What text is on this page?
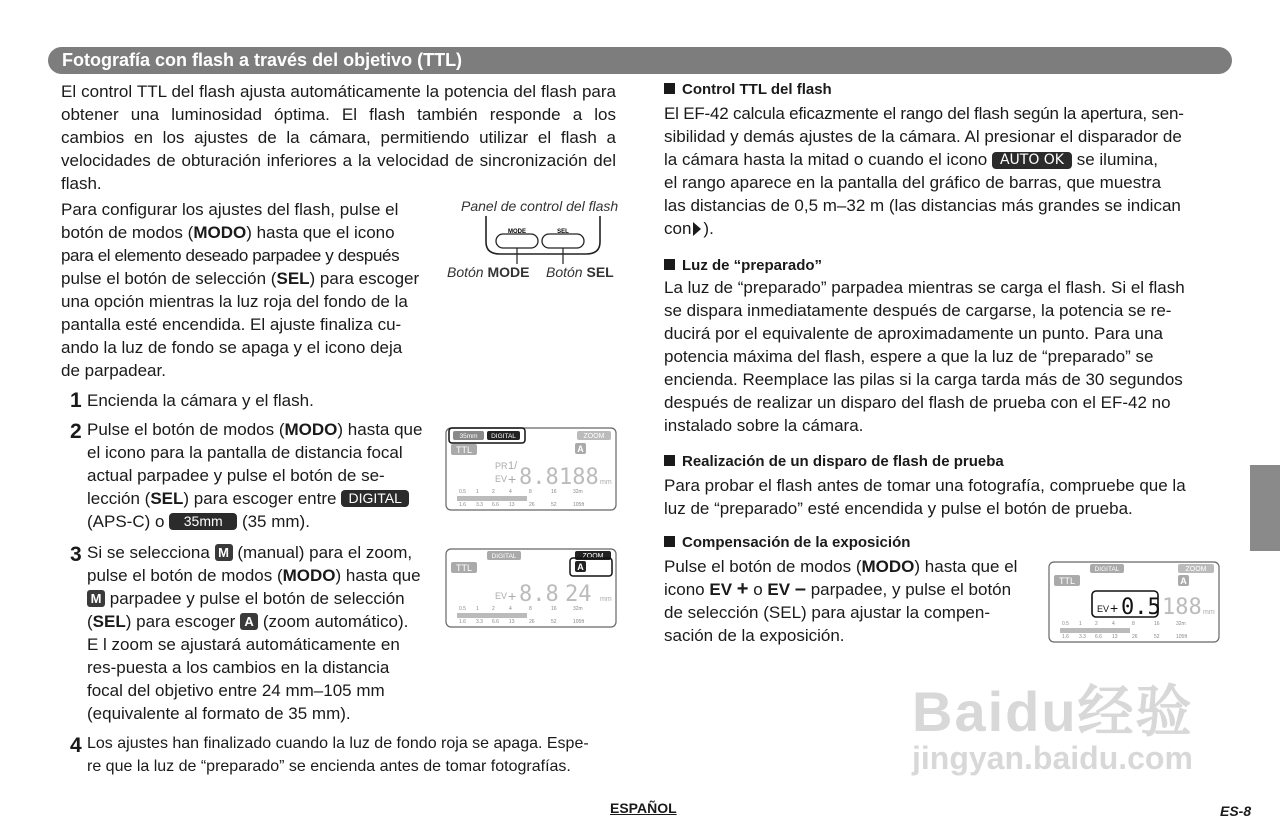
Fotografía con flash a través del objetivo (TTL)

El control TTL del flash ajusta automáticamente la potencia del flash para obtener una luminosidad óptima. El flash también responde a los cambios en los ajustes de la cámara, permitiendo utilizar el flash a velocidades de obturación inferiores a la velocidad de sincronización del flash.

Para configurar los ajustes del flash, pulse el
botón de modos (MODO) hasta que el icono
para el elemento deseado parpadee y después
pulse el botón de selección (SEL) para escoger
una opción mientras la luz roja del fondo de la
pantalla esté encendida. El ajuste finaliza cu-
ando la luz de fondo se apaga y el icono deja
de parpadear.
Panel de control del flash
MODE	SEL
Botón MODE Botón SEL
1 Encienda la cámara y el flash.
2 Pulse el botón de modos (MODO) hasta que
el icono para la pantalla de distancia focal
actual parpadee y pulse el botón de se-
lección (SEL) para escoger entre DIGITAL
(APS-C) o 35mm (35 mm).
35mm DIGITAL	ZOOM
TTL	A
PR 1/
EV + 8.8 188 mm
0.5 1	2	4	8	16	32m
1.6 3.3 6.6 13	26	52	105ft
3 Si se selecciona M (manual) para el zoom,
pulse el botón de modos (MODO) hasta que
M parpadee y pulse el botón de selección
(SEL) para escoger A (zoom automático).
E l zoom se ajustará automáticamente en
res-puesta a los cambios en la distancia
focal del objetivo entre 24 mm–105 mm
(equivalente al formato de 35 mm).
DIGITAL	ZOOM
A
TTL
EV + 8.8 24 mm
0.5 1	2	4	8	16	32m
1.6 3.3 6.6 13	26	52	105ft
4 Los ajustes han finalizado cuando la luz de fondo roja se apaga. Espe-
re que la luz de “preparado” se encienda antes de tomar fotografías.
Control TTL del flash
El EF-42 calcula eficazmente el rango del flash según la apertura, sen-
sibilidad y demás ajustes de la cámara. Al presionar el disparador de
la cámara hasta la mitad o cuando el icono AUTO OK se ilumina,
el rango aparece en la pantalla del gráfico de barras, que muestra
las distancias de 0,5 m–32 m (las distancias más grandes se indican
con ).
Luz de “preparado”
La luz de “preparado” parpadea mientras se carga el flash. Si el flash
se dispara inmediatamente después de cargarse, la potencia se re-
ducirá por el equivalente de aproximadamente un punto. Para una
potencia máxima del flash, espere a que la luz de “preparado” se
encienda. Reemplace las pilas si la carga tarda más de 30 segundos
después de realizar un disparo del flash de prueba con el EF-42 no
instalado sobre la cámara.
Realización de un disparo de flash de prueba
Para probar el flash antes de tomar una fotografía, compruebe que la
luz de “preparado” esté encendida y pulse el botón de prueba.
Compensación de la exposición
Pulse el botón de modos (MODO) hasta que el
icono EV + o EV – parpadee, y pulse el botón
de selección (SEL) para ajustar la compen-
sación de la exposición.
DIGITAL	ZOOM
TTL	A
EV + 0.5 188 mm
0.5 1	2	4	8	16	32m
1.6 3.3 6.6 13	26	52	105ft
Baidu经验
jingyan.baidu.com
ESPAÑOL	ES-8
